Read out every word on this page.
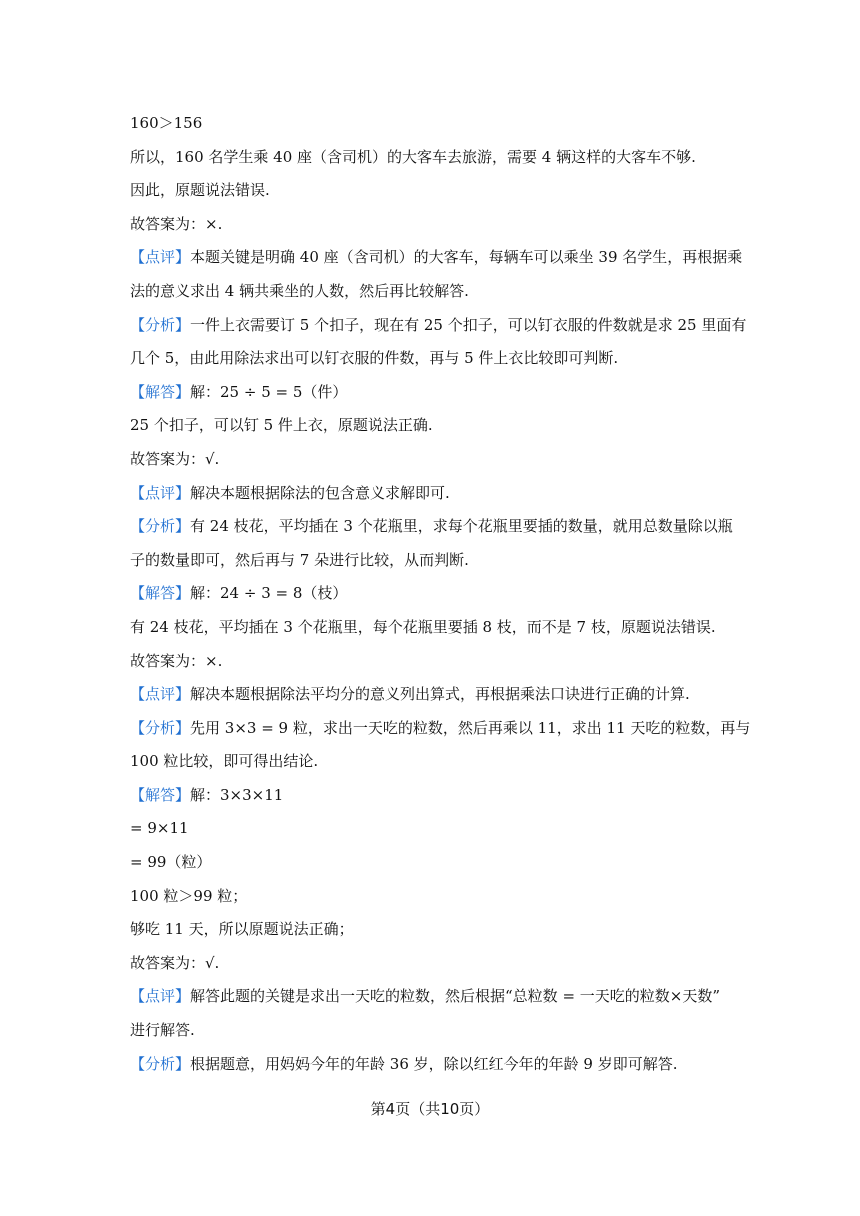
160＞156
所以，160 名学生乘 40 座（含司机）的大客车去旅游，需要 4 辆这样的大客车不够.
因此，原题说法错误.
故答案为：×.
【点评】本题关键是明确 40 座（含司机）的大客车，每辆车可以乘坐 39 名学生，再根据乘
法的意义求出 4 辆共乘坐的人数，然后再比较解答.
【分析】一件上衣需要订 5 个扣子，现在有 25 个扣子，可以钉衣服的件数就是求 25 里面有
几个 5，由此用除法求出可以钉衣服的件数，再与 5 件上衣比较即可判断.
【解答】解：25 ÷ 5 = 5（件）
25 个扣子，可以钉 5 件上衣，原题说法正确.
故答案为：√.
【点评】解决本题根据除法的包含意义求解即可.
【分析】有 24 枝花，平均插在 3 个花瓶里，求每个花瓶里要插的数量，就用总数量除以瓶
子的数量即可，然后再与 7 朵进行比较，从而判断.
【解答】解：24 ÷ 3 = 8（枝）
有 24 枝花，平均插在 3 个花瓶里，每个花瓶里要插 8 枝，而不是 7 枝，原题说法错误.
故答案为：×.
【点评】解决本题根据除法平均分的意义列出算式，再根据乘法口诀进行正确的计算.
【分析】先用 3×3 = 9 粒，求出一天吃的粒数，然后再乘以 11，求出 11 天吃的粒数，再与
100 粒比较，即可得出结论.
【解答】解：3×3×11
= 9×11
= 99（粒）
100 粒＞99 粒；
够吃 11 天，所以原题说法正确；
故答案为：√.
【点评】解答此题的关键是求出一天吃的粒数，然后根据“总粒数 = 一天吃的粒数×天数”
进行解答.
【分析】根据题意，用妈妈今年的年龄 36 岁，除以红红今年的年龄 9 岁即可解答.
第4页（共10页）
